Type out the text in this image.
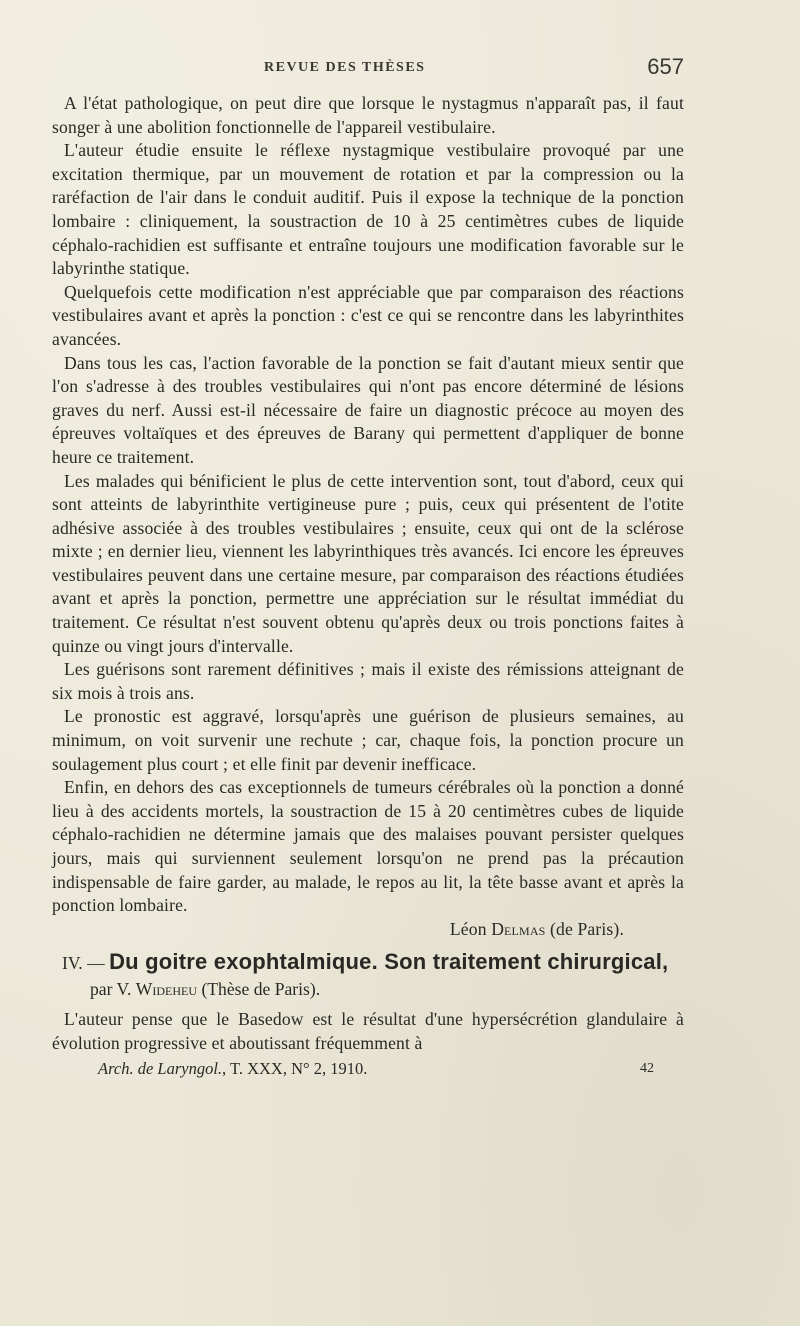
REVUE DES THÈSES	657

A l'état pathologique, on peut dire que lorsque le nystagmus n'apparaît pas, il faut songer à une abolition fonctionnelle de l'appareil vestibulaire.

L'auteur étudie ensuite le réflexe nystagmique vestibulaire provoqué par une excitation thermique, par un mouvement de rotation et par la compression ou la raréfaction de l'air dans le conduit auditif. Puis il expose la technique de la ponction lombaire : cliniquement, la soustraction de 10 à 25 centimètres cubes de liquide céphalo-rachidien est suffisante et entraîne toujours une modification favorable sur le labyrinthe statique.

Quelquefois cette modification n'est appréciable que par comparaison des réactions vestibulaires avant et après la ponction : c'est ce qui se rencontre dans les labyrinthites avancées.

Dans tous les cas, l'action favorable de la ponction se fait d'autant mieux sentir que l'on s'adresse à des troubles vestibulaires qui n'ont pas encore déterminé de lésions graves du nerf. Aussi est-il nécessaire de faire un diagnostic précoce au moyen des épreuves voltaïques et des épreuves de Barany qui permettent d'appliquer de bonne heure ce traitement.

Les malades qui bénificient le plus de cette intervention sont, tout d'abord, ceux qui sont atteints de labyrinthite vertigineuse pure ; puis, ceux qui présentent de l'otite adhésive associée à des troubles vestibulaires ; ensuite, ceux qui ont de la sclérose mixte ; en dernier lieu, viennent les labyrinthiques très avancés. Ici encore les épreuves vestibulaires peuvent dans une certaine mesure, par comparaison des réactions étudiées avant et après la ponction, permettre une appréciation sur le résultat immédiat du traitement. Ce résultat n'est souvent obtenu qu'après deux ou trois ponctions faites à quinze ou vingt jours d'intervalle.

Les guérisons sont rarement définitives ; mais il existe des rémissions atteignant de six mois à trois ans.

Le pronostic est aggravé, lorsqu'après une guérison de plusieurs semaines, au minimum, on voit survenir une rechute ; car, chaque fois, la ponction procure un soulagement plus court ; et elle finit par devenir inefficace.

Enfin, en dehors des cas exceptionnels de tumeurs cérébrales où la ponction a donné lieu à des accidents mortels, la soustraction de 15 à 20 centimètres cubes de liquide céphalo-rachidien ne détermine jamais que des malaises pouvant persister quelques jours, mais qui surviennent seulement lorsqu'on ne prend pas la précaution indispensable de faire garder, au malade, le repos au lit, la tête basse avant et après la ponction lombaire.

Léon Delmas (de Paris).

IV. — Du goitre exophtalmique. Son traitement chirurgical, par V. Wideheu (Thèse de Paris).

L'auteur pense que le Basedow est le résultat d'une hypersécrétion glandulaire à évolution progressive et aboutissant fréquemment à

Arch. de Laryngol., T. XXX, N° 2, 1910.	42
